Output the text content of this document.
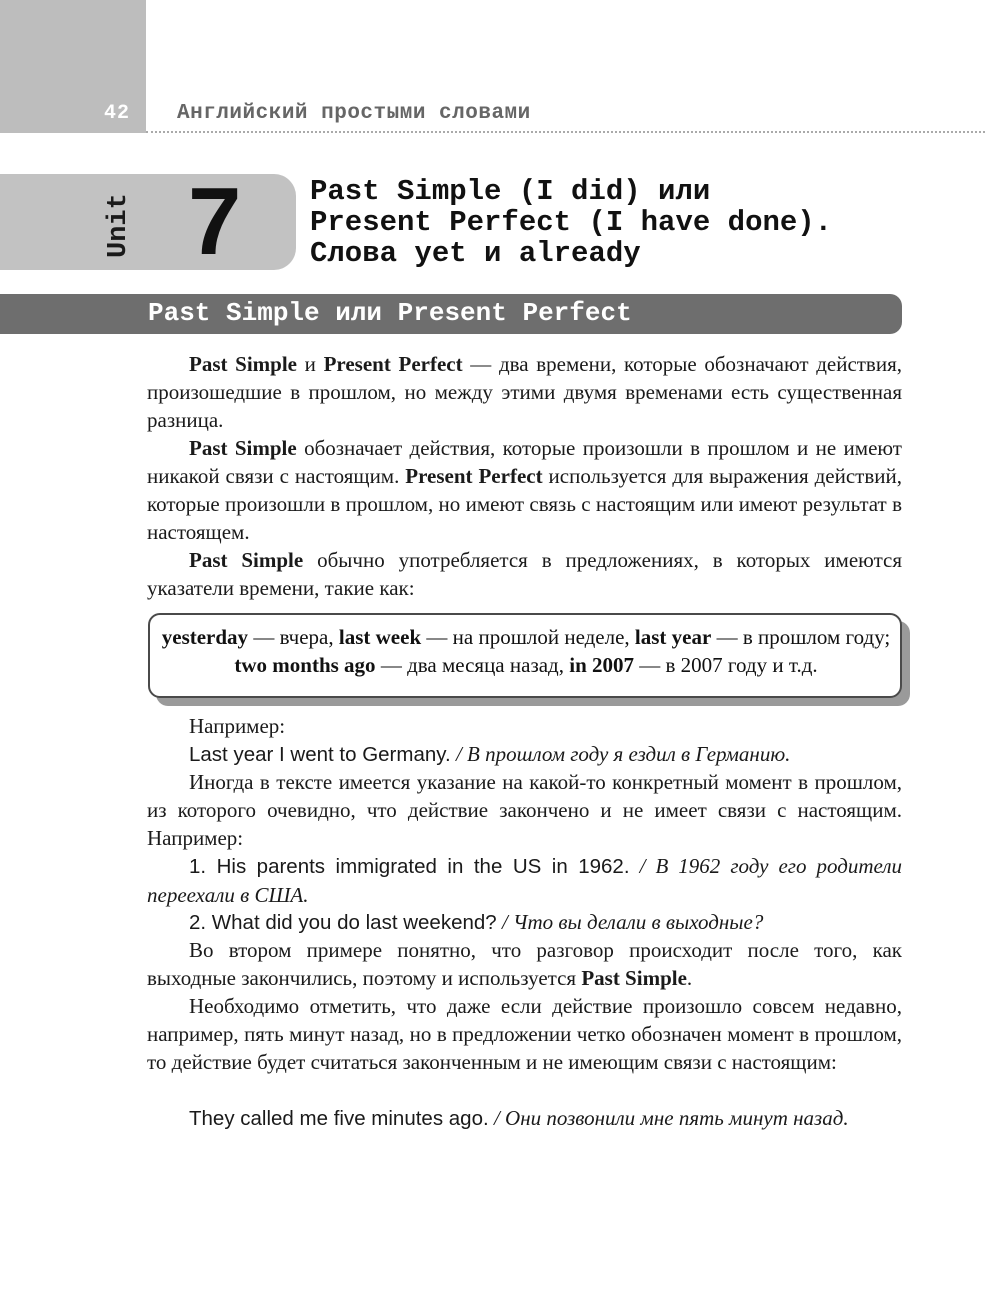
42 Английский простыми словами
Unit 7 Past Simple (I did) или
Present Perfect (I have done).
Слова yet и already
Past Simple или Present Perfect
Past Simple и Present Perfect — два времени, которые обозначают действия, произошедшие в прошлом, но между этими двумя временами есть существенная разница.
Past Simple обозначает действия, которые произошли в прошлом и не имеют никакой связи с настоящим. Present Perfect используется для выражения действий, которые произошли в прошлом, но имеют связь с настоящим или имеют результат в настоящем.
Past Simple обычно употребляется в предложениях, в которых имеются указатели времени, такие как:
yesterday — вчера, last week — на прошлой неделе, last year — в прошлом году; two months ago — два месяца назад, in 2007 — в 2007 году и т.д.
Например:
Last year I went to Germany. / В прошлом году я ездил в Германию.
Иногда в тексте имеется указание на какой-то конкретный момент в прошлом, из которого очевидно, что действие закончено и не имеет связи с настоящим. Например:
1. His parents immigrated in the US in 1962. / В 1962 году его родители переехали в США.
2. What did you do last weekend? / Что вы делали в выходные?
Во втором примере понятно, что разговор происходит после того, как выходные закончились, поэтому и используется Past Simple.
Необходимо отметить, что даже если действие произошло совсем недавно, например, пять минут назад, но в предложении четко обозначен момент в прошлом, то действие будет считаться законченным и не имеющим связи с настоящим:
They called me five minutes ago. / Они позвонили мне пять минут назад.
